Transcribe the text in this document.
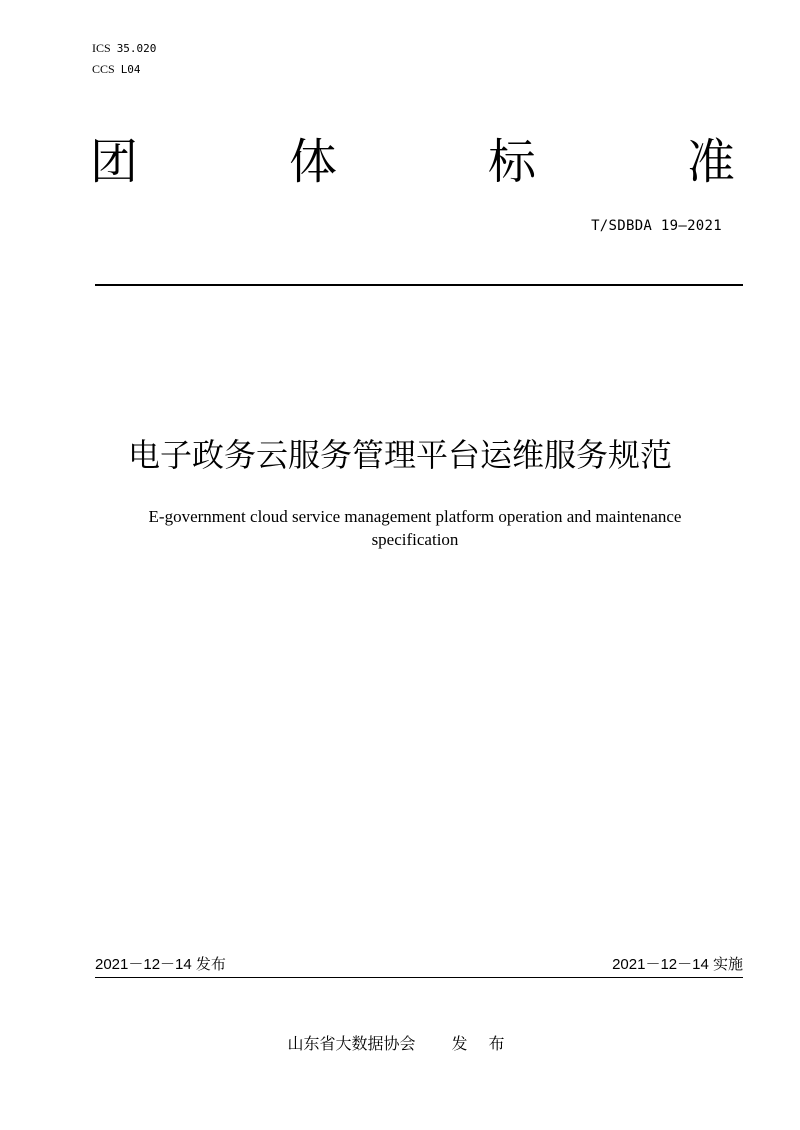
ICS 35.020
CCS L04
团	体	标	准
T/SDBDA 19—2021
电子政务云服务管理平台运维服务规范
E-government cloud service management platform operation and maintenance
specification
2021－12－14 发布	2021－12－14 实施
山东省大数据协会 发 布
